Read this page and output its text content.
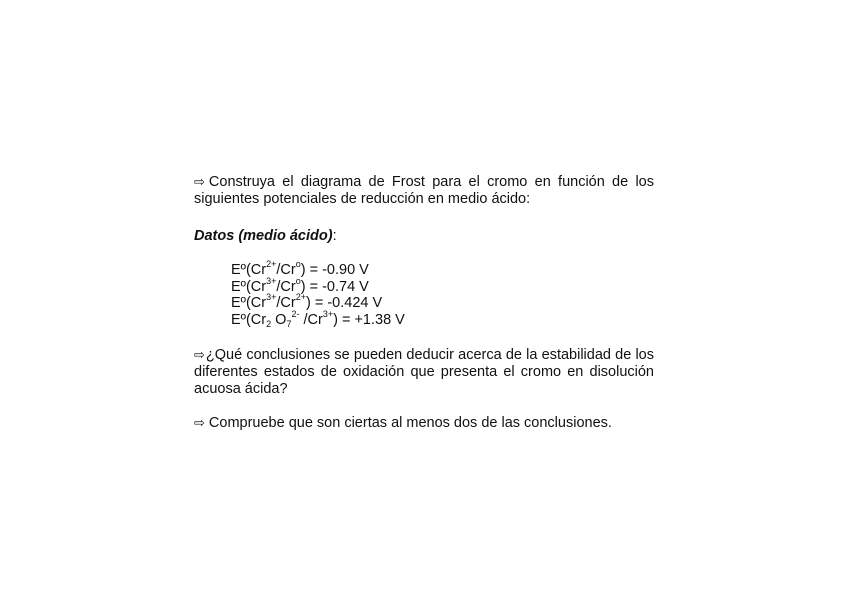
⇨ Construya el diagrama de Frost para el cromo en función de los siguientes potenciales de reducción en medio ácido:

Datos (medio ácido):

$Eº(Cr^{2+}/Cr^o) = -0.90$ V
$Eº(Cr^{3+}/Cr^o) = -0.74$ V
$Eº(Cr^{3+}/Cr^{2+}) = -0.424$ V
$Eº(Cr_2$ $O_7^{2-}$ $/Cr^{3+}) = +1.38$ V

⇨¿Qué conclusiones se pueden deducir acerca de la estabilidad de los diferentes estados de oxidación que presenta el cromo en disolución acuosa ácida?

⇨ Compruebe que son ciertas al menos dos de las conclusiones.
